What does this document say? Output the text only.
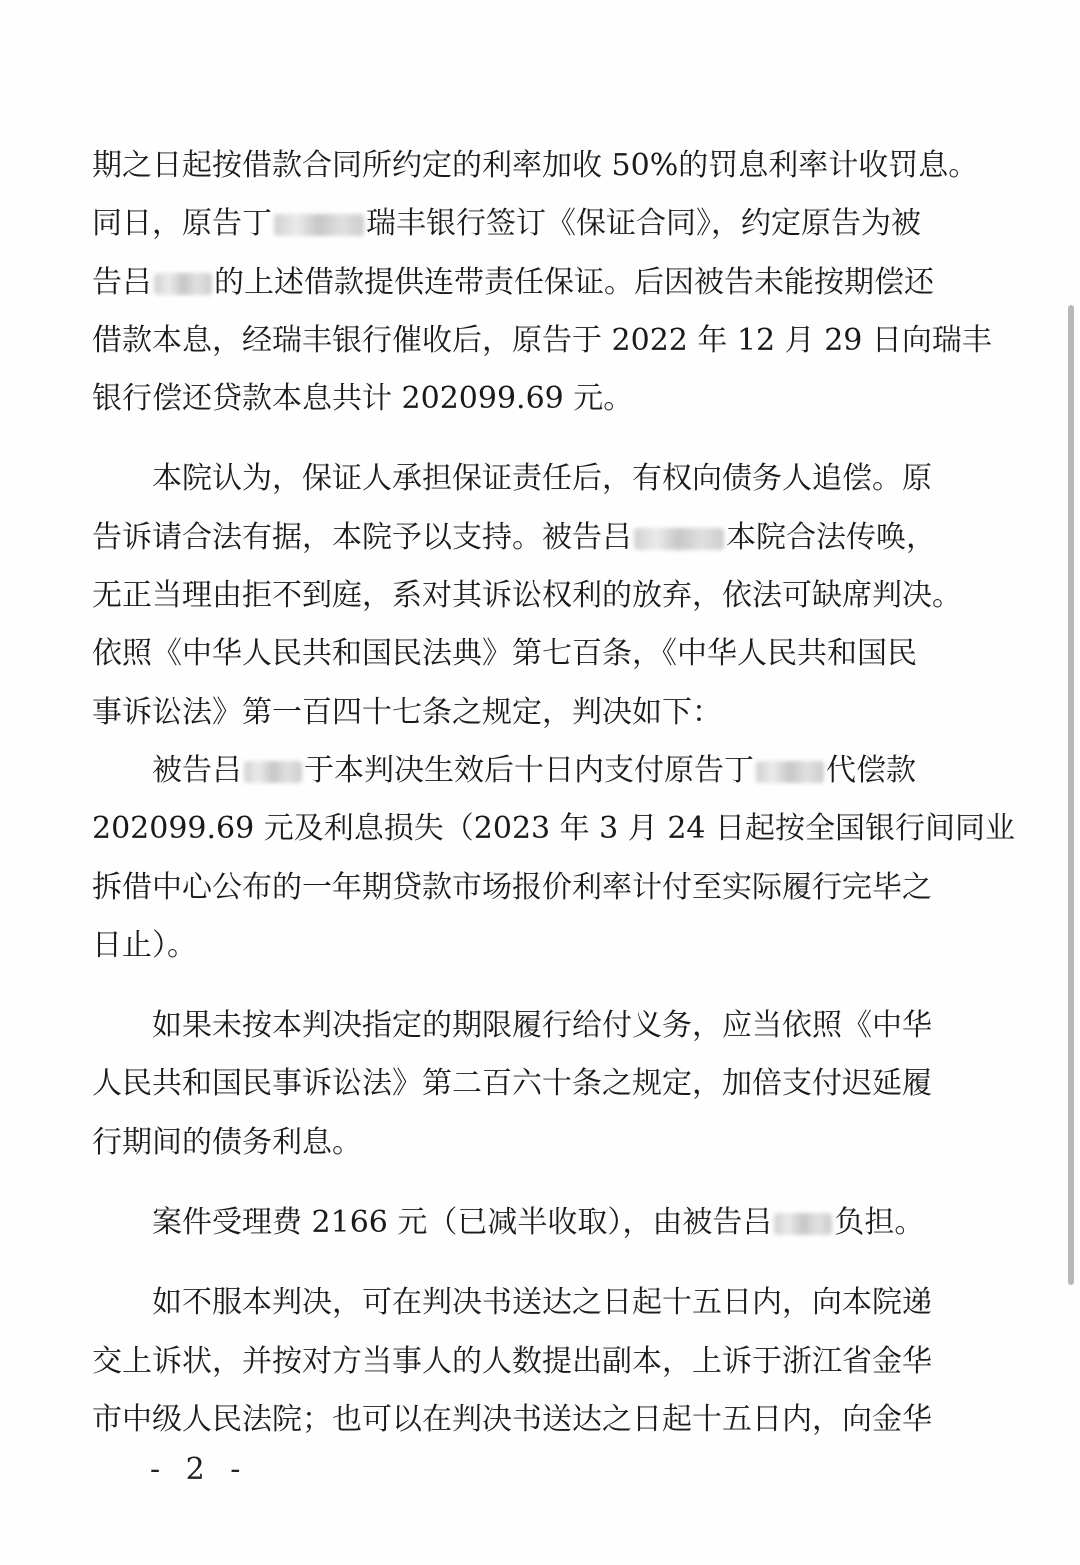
期之日起按借款合同所约定的利率加收 50%的罚息利率计收罚息。
同日，原告丁	瑞丰银行签订《保证合同》，约定原告为被
告吕 的上述借款提供连带责任保证。后因被告未能按期偿还
借款本息，经瑞丰银行催收后，原告于 2022 年 12 月 29 日向瑞丰
银行偿还贷款本息共计 202099.69 元。
　　本院认为，保证人承担保证责任后，有权向债务人追偿。原
告诉请合法有据，本院予以支持。被告吕	本院合法传唤，
无正当理由拒不到庭，系对其诉讼权利的放弃，依法可缺席判决。
依照《中华人民共和国民法典》第七百条，《中华人民共和国民
事诉讼法》第一百四十七条之规定，判决如下：
　　被告吕 于本判决生效后十日内支付原告丁 代偿款
202099.69 元及利息损失（2023 年 3 月 24 日起按全国银行间同业
拆借中心公布的一年期贷款市场报价利率计付至实际履行完毕之
日止）。
　　如果未按本判决指定的期限履行给付义务，应当依照《中华
人民共和国民事诉讼法》第二百六十条之规定，加倍支付迟延履
行期间的债务利息。
　　案件受理费 2166 元（已减半收取），由被告吕 负担。
　　如不服本判决，可在判决书送达之日起十五日内，向本院递
交上诉状，并按对方当事人的人数提出副本，上诉于浙江省金华
市中级人民法院；也可以在判决书送达之日起十五日内，向金华
- 2 -
